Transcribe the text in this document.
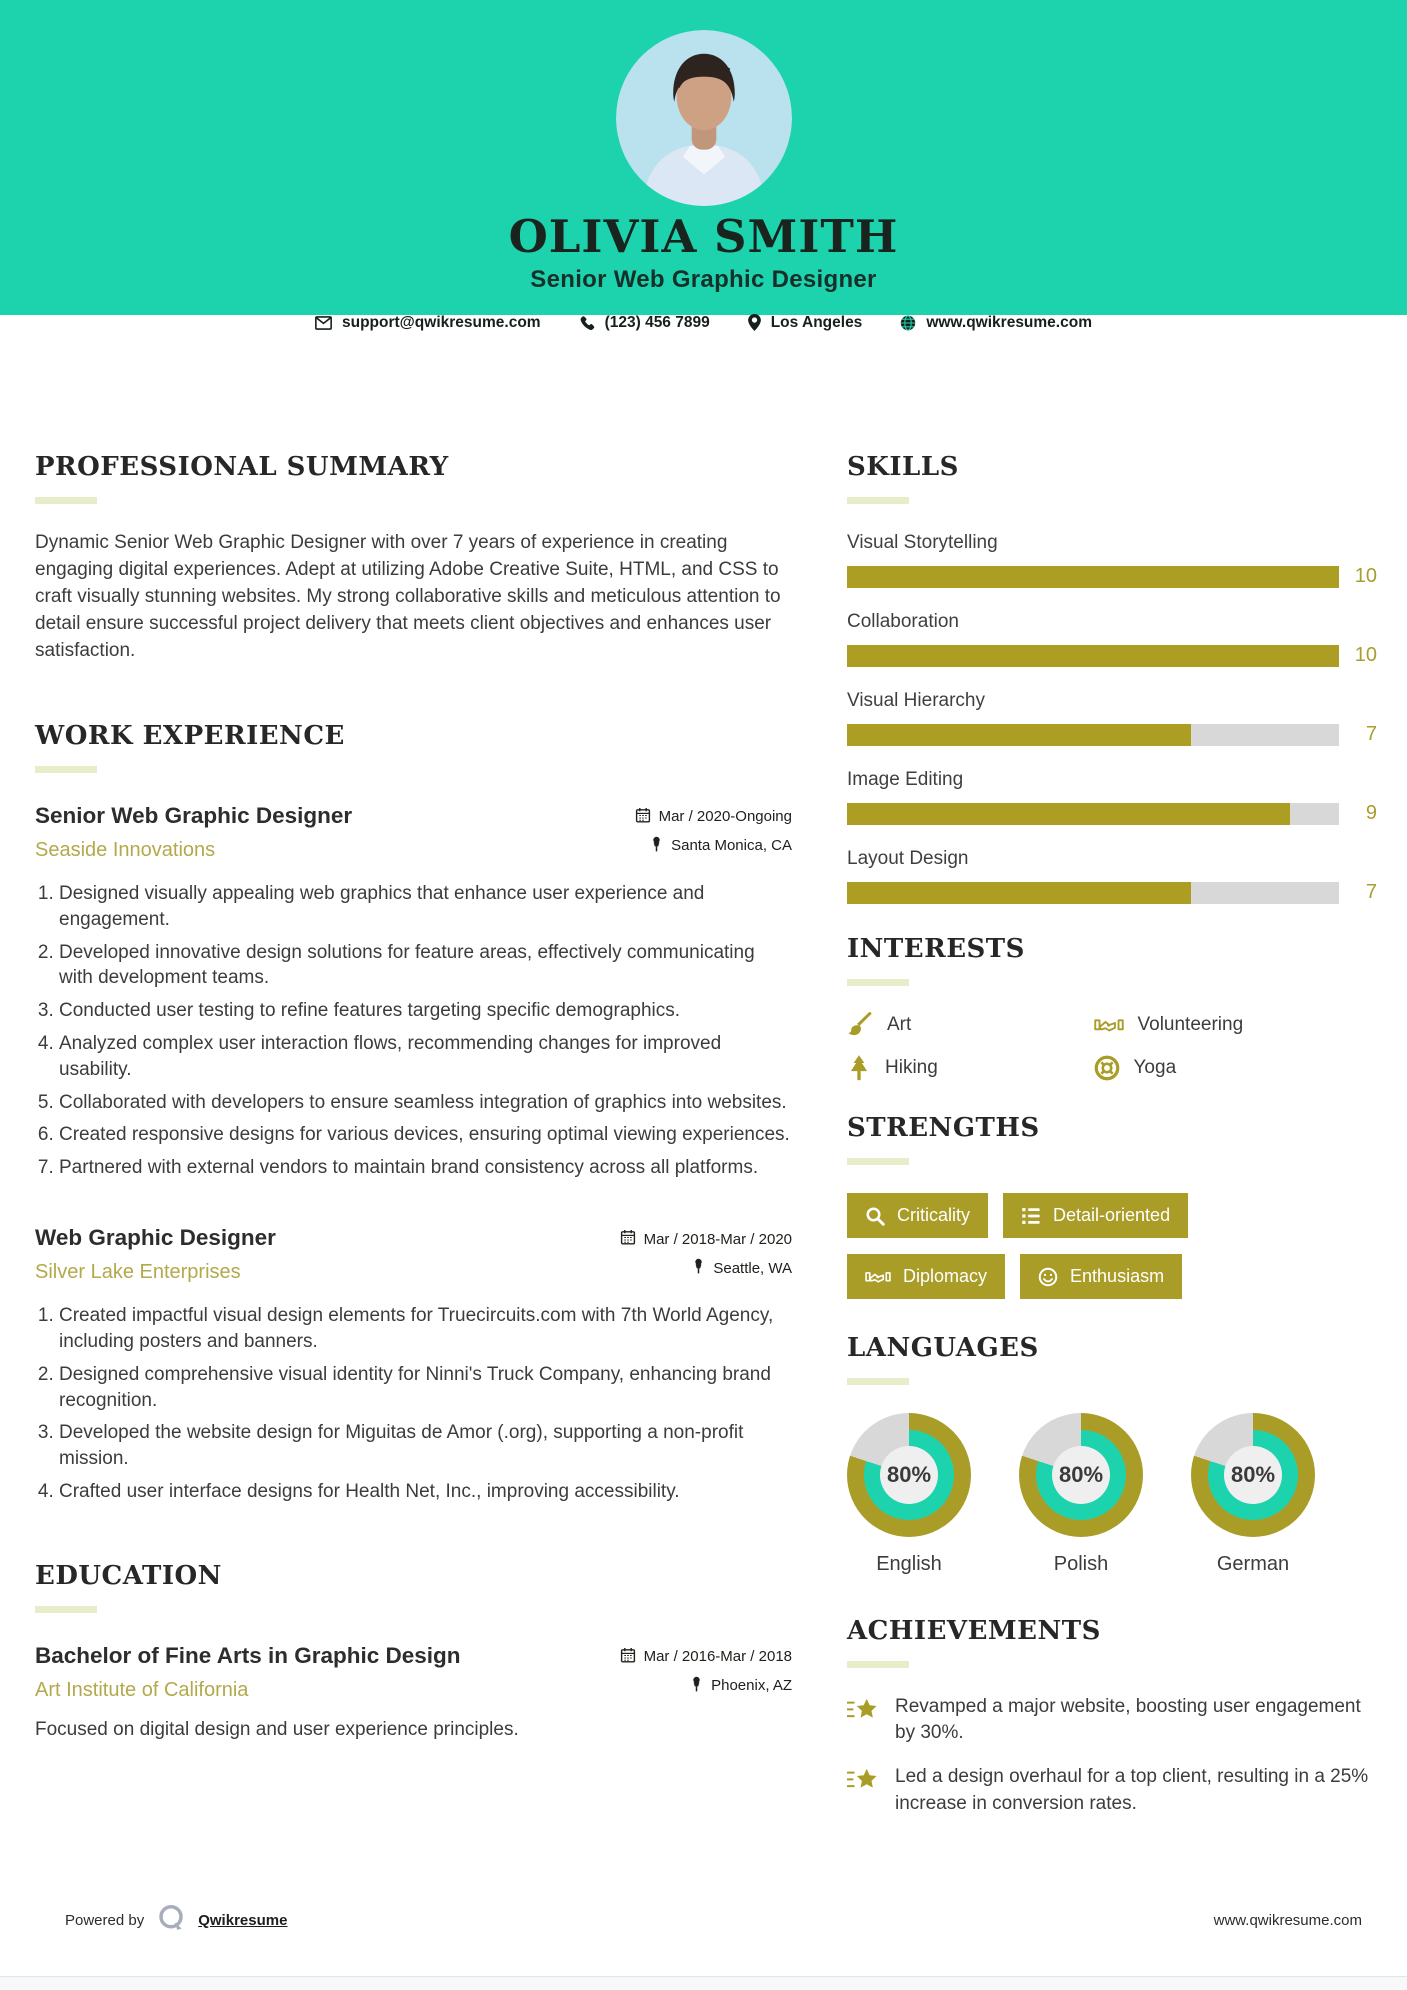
OLIVIA SMITH
Senior Web Graphic Designer
support@qwikresume.com	(123) 456 7899	Los Angeles	www.qwikresume.com
PROFESSIONAL SUMMARY

Dynamic Senior Web Graphic Designer with over 7 years of experience in creating engaging digital experiences. Adept at utilizing Adobe Creative Suite, HTML, and CSS to craft visually stunning websites. My strong collaborative skills and meticulous attention to detail ensure successful project delivery that meets client objectives and enhances user satisfaction.

WORK EXPERIENCE
Senior Web Graphic Designer
Seaside Innovations
Mar / 2020-Ongoing
Santa Monica, CA
1. Designed visually appealing web graphics that enhance user experience and engagement.
2. Developed innovative design solutions for feature areas, effectively communicating with development teams.
3. Conducted user testing to refine features targeting specific demographics.
4. Analyzed complex user interaction flows, recommending changes for improved usability.
5. Collaborated with developers to ensure seamless integration of graphics into websites.
6. Created responsive designs for various devices, ensuring optimal viewing experiences.
7. Partnered with external vendors to maintain brand consistency across all platforms.
Web Graphic Designer
Silver Lake Enterprises
Mar / 2018-Mar / 2020
Seattle, WA
1. Created impactful visual design elements for Truecircuits.com with 7th World Agency, including posters and banners.
2. Designed comprehensive visual identity for Ninni's Truck Company, enhancing brand recognition.
3. Developed the website design for Miguitas de Amor (.org), supporting a non-profit mission.
4. Crafted user interface designs for Health Net, Inc., improving accessibility.
EDUCATION
Bachelor of Fine Arts in Graphic Design
Art Institute of California
Mar / 2016-Mar / 2018
Phoenix, AZ

Focused on digital design and user experience principles.

SKILLS
Visual Storytelling
10
Collaboration
10
Visual Hierarchy
7
Image Editing
9
Layout Design
7
INTERESTS
Art	Volunteering
Hiking	Yoga
STRENGTHS
Criticality	Detail-oriented
Diplomacy	Enthusiasm
LANGUAGES
80%
English
80%
Polish
80%
German
ACHIEVEMENTS

Revamped a major website, boosting user engagement by 30%.

Led a design overhaul for a top client, resulting in a 25% increase in conversion rates.

Powered by	Qwikresume	www.qwikresume.com
